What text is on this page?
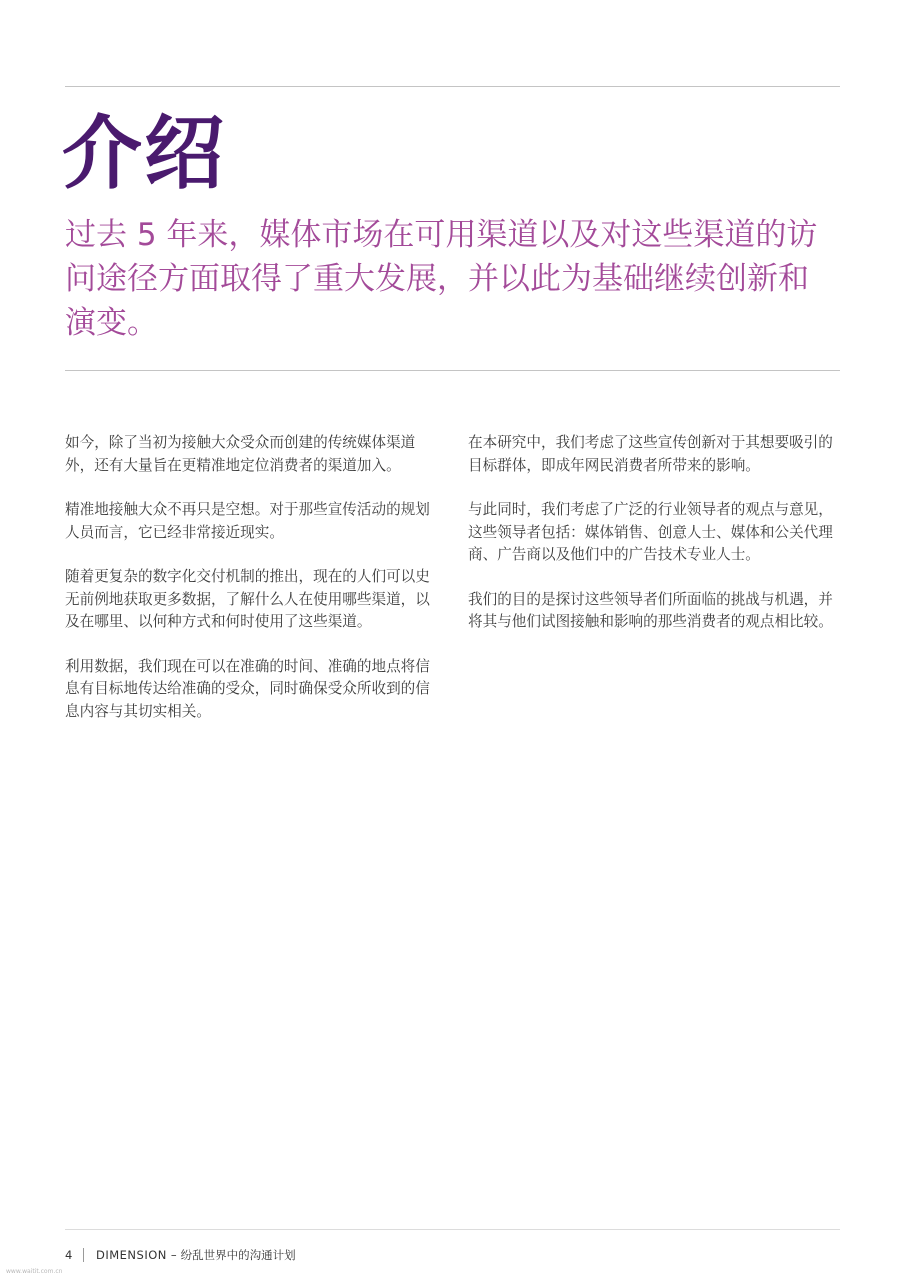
介绍

过去 5 年来，媒体市场在可用渠道以及对这些渠道的访问途径方面取得了重大发展，并以此为基础继续创新和演变。

如今，除了当初为接触大众受众而创建的传统媒体渠道外，还有大量旨在更精准地定位消费者的渠道加入。

精准地接触大众不再只是空想。对于那些宣传活动的规划人员而言，它已经非常接近现实。

随着更复杂的数字化交付机制的推出，现在的人们可以史无前例地获取更多数据，了解什么人在使用哪些渠道，以及在哪里、以何种方式和何时使用了这些渠道。

利用数据，我们现在可以在准确的时间、准确的地点将信息有目标地传达给准确的受众，同时确保受众所收到的信息内容与其切实相关。

在本研究中，我们考虑了这些宣传创新对于其想要吸引的目标群体，即成年网民消费者所带来的影响。

与此同时，我们考虑了广泛的行业领导者的观点与意见，这些领导者包括：媒体销售、创意人士、媒体和公关代理商、广告商以及他们中的广告技术专业人士。

我们的目的是探讨这些领导者们所面临的挑战与机遇，并将其与他们试图接触和影响的那些消费者的观点相比较。

4 DIMENSION – 纷乱世界中的沟通计划
www.waitit.com.cn
